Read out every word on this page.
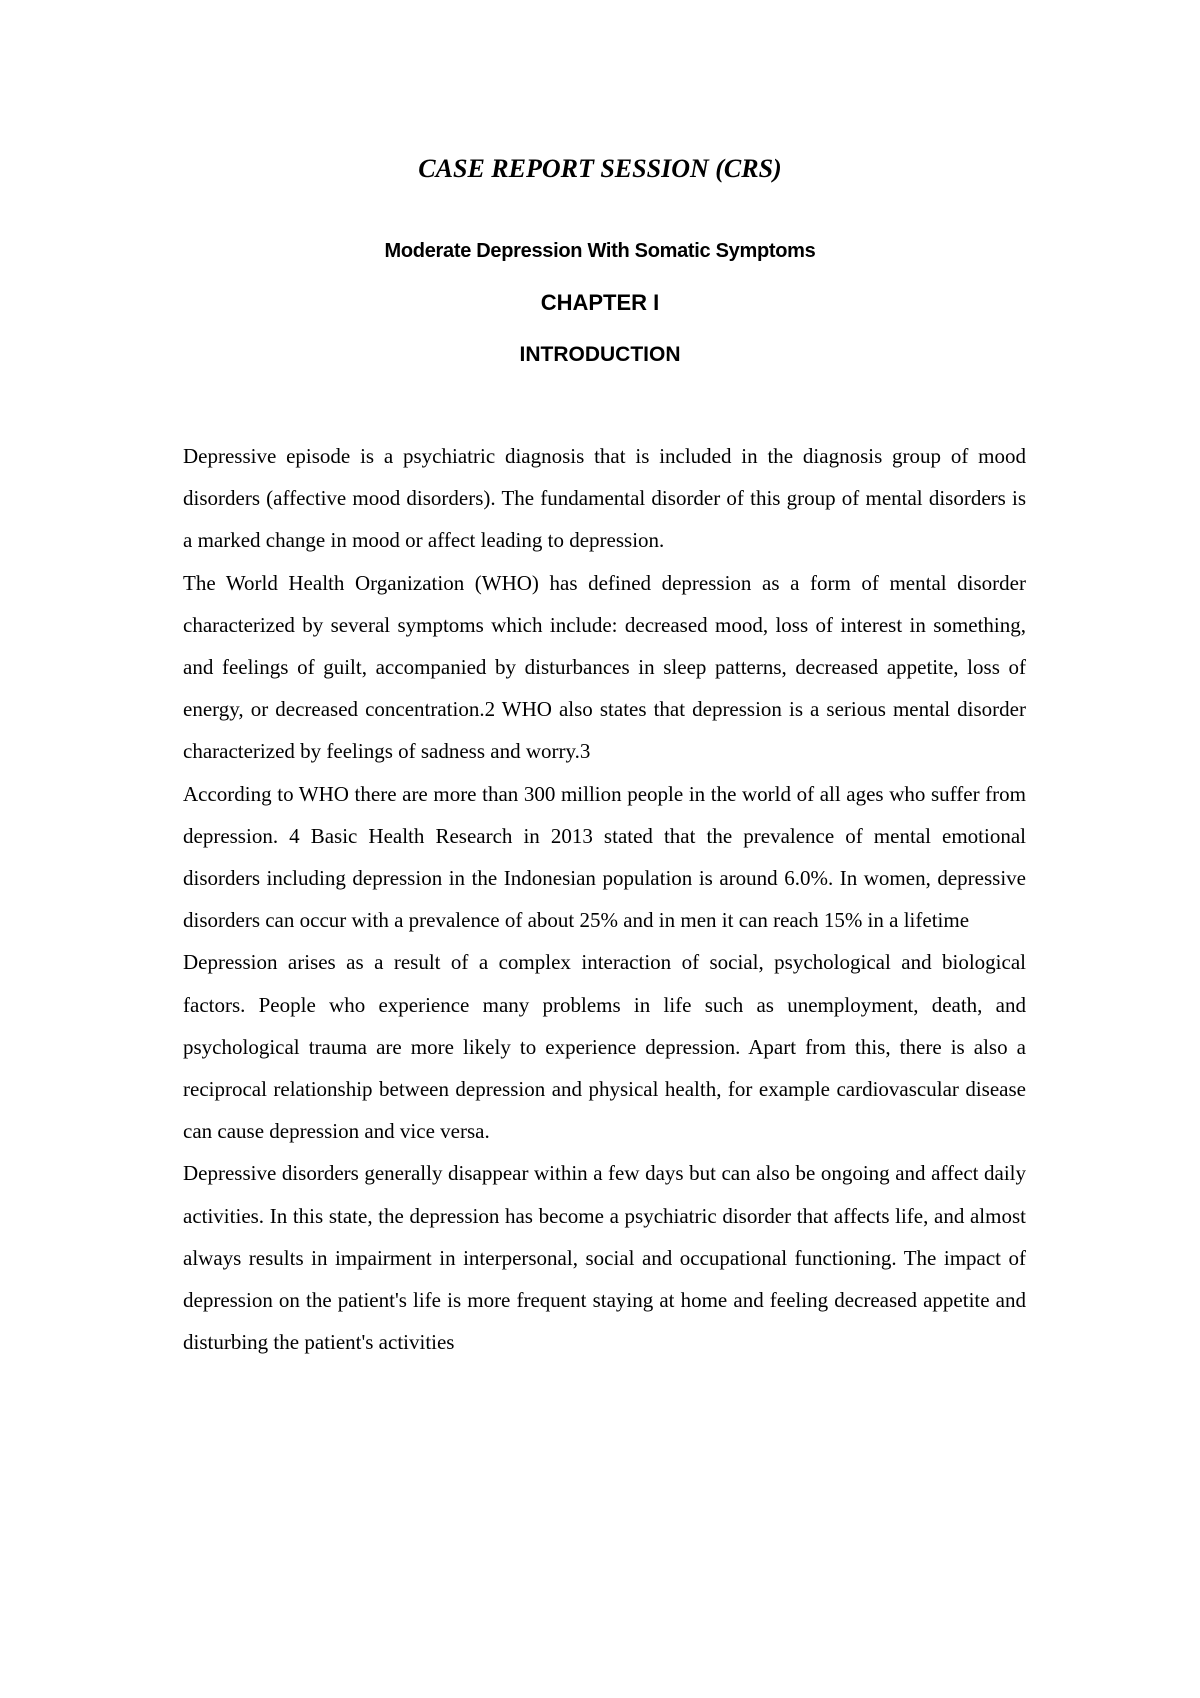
CASE REPORT SESSION (CRS)
Moderate Depression With Somatic Symptoms
CHAPTER I
INTRODUCTION

Depressive episode is a psychiatric diagnosis that is included in the diagnosis group of mood disorders (affective mood disorders). The fundamental disorder of this group of mental disorders is a marked change in mood or affect leading to depression.

The World Health Organization (WHO) has defined depression as a form of mental disorder characterized by several symptoms which include: decreased mood, loss of interest in something, and feelings of guilt, accompanied by disturbances in sleep patterns, decreased appetite, loss of energy, or decreased concentration.2 WHO also states that depression is a serious mental disorder characterized by feelings of sadness and worry.3

According to WHO there are more than 300 million people in the world of all ages who suffer from depression. 4 Basic Health Research in 2013 stated that the prevalence of mental emotional disorders including depression in the Indonesian population is around 6.0%. In women, depressive disorders can occur with a prevalence of about 25% and in men it can reach 15% in a lifetime

Depression arises as a result of a complex interaction of social, psychological and biological factors. People who experience many problems in life such as unemployment, death, and psychological trauma are more likely to experience depression. Apart from this, there is also a reciprocal relationship between depression and physical health, for example cardiovascular disease can cause depression and vice versa.

Depressive disorders generally disappear within a few days but can also be ongoing and affect daily activities. In this state, the depression has become a psychiatric disorder that affects life, and almost always results in impairment in interpersonal, social and occupational functioning. The impact of depression on the patient's life is more frequent staying at home and feeling decreased appetite and disturbing the patient's activities
